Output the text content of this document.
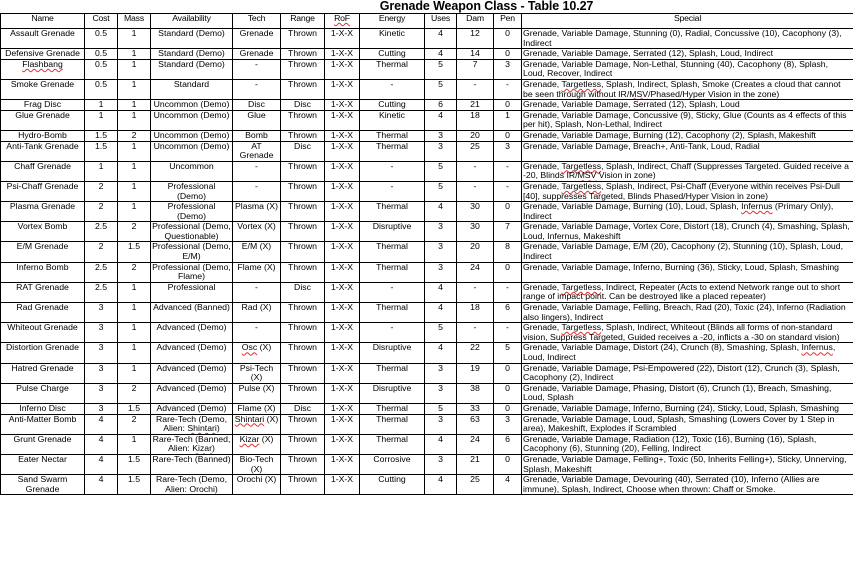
Grenade Weapon Class - Table 10.27
Name	Cost	Mass	Availability	Tech	Range	RoF	Energy	Uses	Dam	Pen	Special
Assault Grenade	0.5	1	Standard (Demo)	Grenade	Thrown	1-X-X	Kinetic	4	12	0	Grenade, Variable Damage, Stunning (0), Radial, Concussive (10), Cacophony (3), Indirect
Defensive Grenade	0.5	1	Standard (Demo)	Grenade	Thrown	1-X-X	Cutting	4	14	0	Grenade, Variable Damage, Serrated (12), Splash, Loud, Indirect
Flashbang	0.5	1	Standard (Demo)	-	Thrown	1-X-X	Thermal	5	7	3	Grenade, Variable Damage, Non-Lethal, Stunning (40), Cacophony (8), Splash, Loud, Recover, Indirect
Smoke Grenade	0.5	1	Standard	-	Thrown	1-X-X	-	5	-	-	Grenade, Targetless, Splash, Indirect, Splash, Smoke (Creates a cloud that cannot be seen through without IR/MSV/Phased/Hyper Vision in the zone)
Frag Disc	1	1	Uncommon (Demo)	Disc	Disc	1-X-X	Cutting	6	21	0	Grenade, Variable Damage, Serrated (12), Splash, Loud
Glue Grenade	1	1	Uncommon (Demo)	Glue	Thrown	1-X-X	Kinetic	4	18	1	Grenade, Variable Damage, Concussive (9), Sticky, Glue (Counts as 4 effects of this per hit), Splash, Non-Lethal, Indirect
Hydro-Bomb	1.5	2	Uncommon (Demo)	Bomb	Thrown	1-X-X	Thermal	3	20	0	Grenade, Variable Damage, Burning (12), Cacophony (2), Splash, Makeshift
Anti-Tank Grenade	1.5	1	Uncommon (Demo)	AT Grenade	Disc	1-X-X	Thermal	3	25	3	Grenade, Variable Damage, Breach+, Anti-Tank, Loud, Radial
Chaff Grenade	1	1	Uncommon	-	Thrown	1-X-X	-	5	-	-	Grenade, Targetless, Splash, Indirect, Chaff (Suppresses Targeted. Guided receive a -20, Blinds IR/MSV Vision in zone)
Psi-Chaff Grenade	2	1	Professional (Demo)	-	Thrown	1-X-X	-	5	-	-	Grenade, Targetless, Splash, Indirect, Psi-Chaff (Everyone within receives Psi-Dull [40], suppresses Targeted, Blinds Phased/Hyper Vision in zone)
Plasma Grenade	2	1	Professional (Demo)	Plasma (X)	Thrown	1-X-X	Thermal	4	30	0	Grenade, Variable Damage, Burning (10), Loud, Splash, Infernus (Primary Only), Indirect
Vortex Bomb	2.5	2	Professional (Demo, Questionable)	Vortex (X)	Thrown	1-X-X	Disruptive	3	30	7	Grenade, Variable Damage, Vortex Core, Distort (18), Crunch (4), Smashing, Splash, Loud, Infernus, Makeshift
E/M Grenade	2	1.5	Professional (Demo, E/M)	E/M (X)	Thrown	1-X-X	Thermal	3	20	8	Grenade, Variable Damage, E/M (20), Cacophony (2), Stunning (10), Splash, Loud, Indirect
Inferno Bomb	2.5	2	Professional (Demo, Flame)	Flame (X)	Thrown	1-X-X	Thermal	3	24	0	Grenade, Variable Damage, Inferno, Burning (36), Sticky, Loud, Splash, Smashing
RAT Grenade	2.5	1	Professional	-	Disc	1-X-X	-	4	-	-	Grenade, Targetless, Indirect, Repeater (Acts to extend Network range out to short range of impact point. Can be destroyed like a placed repeater)
Rad Grenade	3	1	Advanced (Banned)	Rad (X)	Thrown	1-X-X	Thermal	4	18	6	Grenade, Variable Damage, Felling, Breach, Rad (20), Toxic (24), Inferno (Radiation also lingers), Indirect
Whiteout Grenade	3	1	Advanced (Demo)	-	Thrown	1-X-X	-	5	-	-	Grenade, Targetless, Splash, Indirect, Whiteout (Blinds all forms of non-standard vision, Suppress Targeted, Guided receives a -20, inflicts a -30 on standard vision)
Distortion Grenade	3	1	Advanced (Demo)	Osc (X)	Thrown	1-X-X	Disruptive	4	22	5	Grenade, Variable Damage, Distort (24), Crunch (8), Smashing, Splash, Infernus, Loud, Indirect
Hatred Grenade	3	1	Advanced (Demo)	Psi-Tech (X)	Thrown	1-X-X	Thermal	3	19	0	Grenade, Variable Damage, Psi-Empowered (22), Distort (12), Crunch (3), Splash, Cacophony (2), Indirect
Pulse Charge	3	2	Advanced (Demo)	Pulse (X)	Thrown	1-X-X	Disruptive	3	38	0	Grenade, Variable Damage, Phasing, Distort (6), Crunch (1), Breach, Smashing, Loud, Splash
Inferno Disc	3	1.5	Advanced (Demo)	Flame (X)	Disc	1-X-X	Thermal	5	33	0	Grenade, Variable Damage, Inferno, Burning (24), Sticky, Loud, Splash, Smashing
Anti-Matter Bomb	4	2	Rare-Tech (Demo, Alien: Shintari)	Shintari (X)	Thrown	1-X-X	Thermal	3	63	3	Grenade, Variable Damage, Loud, Splash, Smashing (Lowers Cover by 1 Step in area), Makeshift, Explodes if Scrambled
Grunt Grenade	4	1	Rare-Tech (Banned, Alien: Kizar)	Kizar (X)	Thrown	1-X-X	Thermal	4	24	6	Grenade, Variable Damage, Radiation (12), Toxic (16), Burning (16), Splash, Cacophony (6), Stunning (20), Felling, Indirect
Eater Nectar	4	1.5	Rare-Tech (Banned)	Bio-Tech (X)	Thrown	1-X-X	Corrosive	3	21	0	Grenade, Variable Damage, Felling+, Toxic (50, Inherits Felling+), Sticky, Unnerving, Splash, Makeshift
Sand Swarm Grenade	4	1.5	Rare-Tech (Demo, Alien: Orochi)	Orochi (X)	Thrown	1-X-X	Cutting	4	25	4	Grenade, Variable Damage, Devouring (40), Serrated (10), Inferno (Allies are immune), Splash, Indirect, Choose when thrown: Chaff or Smoke.
